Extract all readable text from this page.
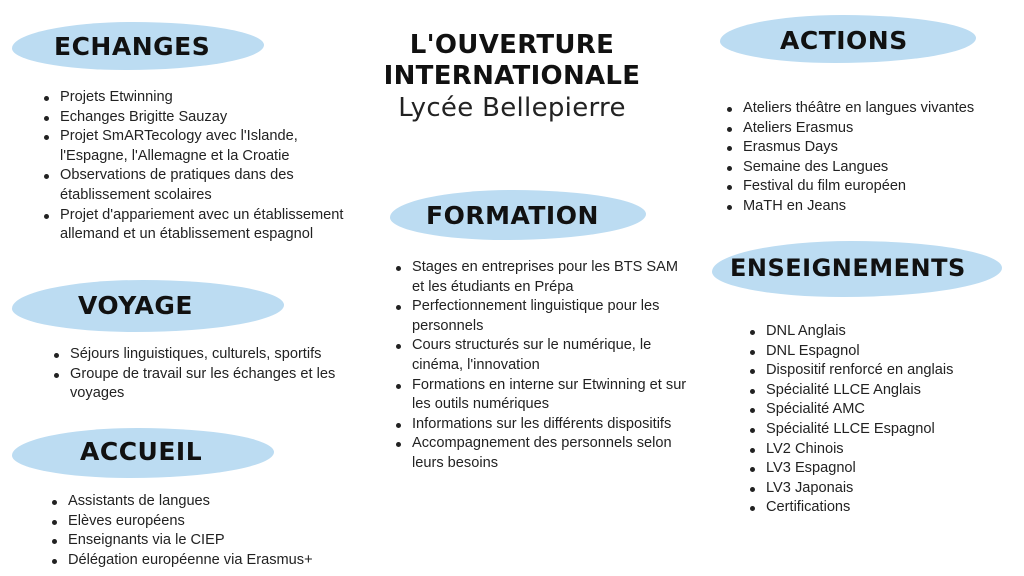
L'OUVERTURE
INTERNATIONALE
Lycée Bellepierre
ECHANGES
Projets Etwinning
Echanges Brigitte Sauzay
Projet SmARTecology avec l'Islande, l'Espagne, l'Allemagne et la Croatie
Observations de pratiques dans des établissement scolaires
Projet d'appariement avec un établissement allemand et un établissement espagnol
VOYAGE
Séjours linguistiques, culturels, sportifs
Groupe de travail sur les échanges et les voyages
ACCUEIL
Assistants de langues
Elèves européens
Enseignants via le CIEP
Délégation européenne via Erasmus+
FORMATION
Stages en entreprises pour les BTS SAM et les étudiants en Prépa
Perfectionnement linguistique pour les personnels
Cours structurés sur le numérique, le cinéma, l'innovation
Formations en interne sur Etwinning et sur les outils numériques
Informations sur les différents dispositifs
Accompagnement des personnels selon leurs besoins
ACTIONS
Ateliers théâtre en langues vivantes
Ateliers Erasmus
Erasmus Days
Semaine des Langues
Festival du film européen
MaTH en Jeans
ENSEIGNEMENTS
DNL Anglais
DNL Espagnol
Dispositif renforcé en anglais
Spécialité LLCE Anglais
Spécialité AMC
Spécialité LLCE Espagnol
LV2 Chinois
LV3 Espagnol
LV3 Japonais
Certifications
